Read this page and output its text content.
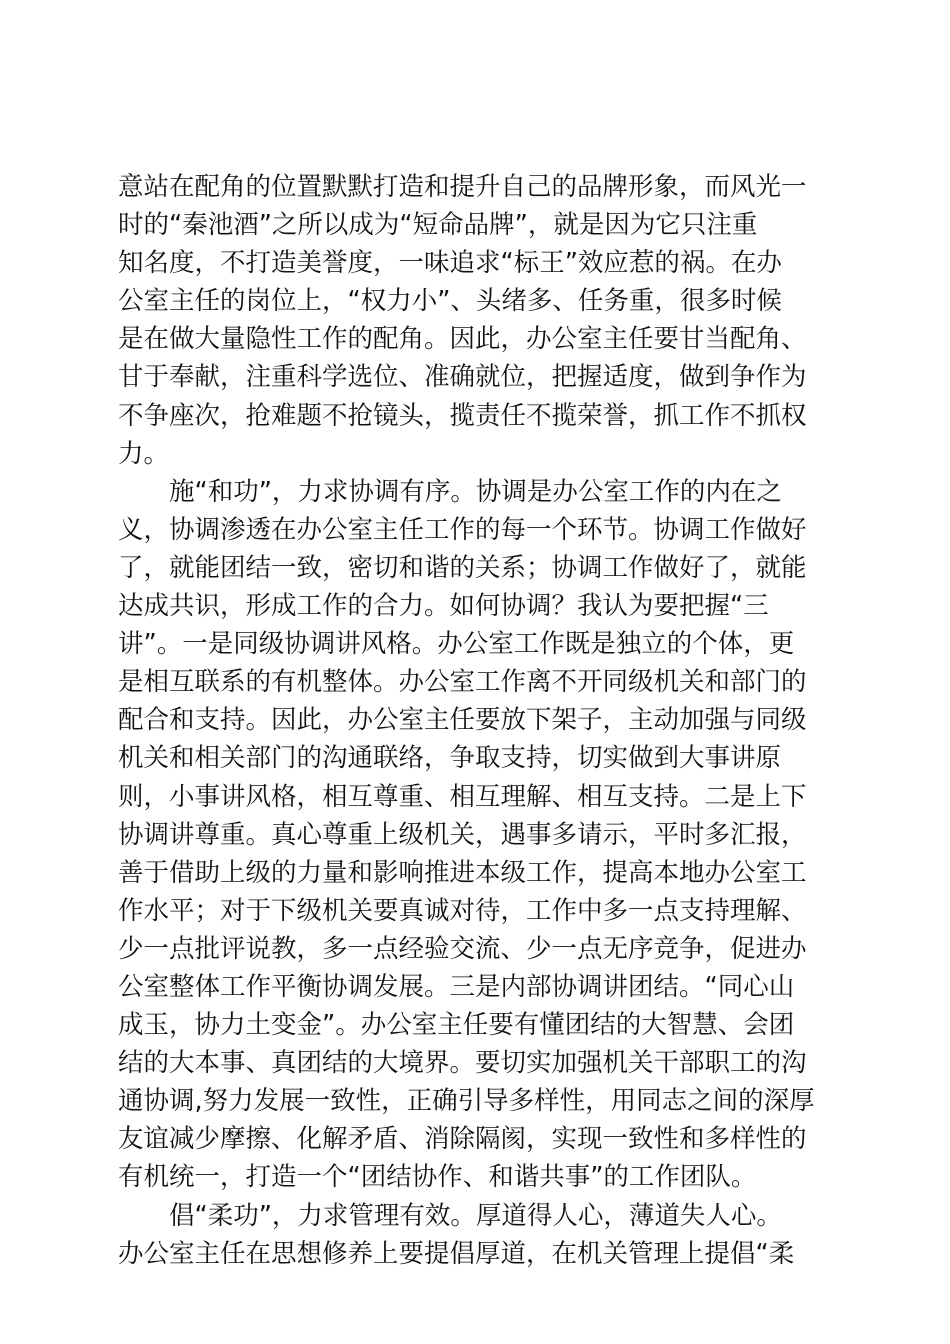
意站在配角的位置默默打造和提升自己的品牌形象，而风光一
时的“秦池酒”之所以成为“短命品牌”，就是因为它只注重
知名度，不打造美誉度，一味追求“标王”效应惹的祸。在办
公室主任的岗位上，“权力小”、头绪多、任务重，很多时候
是在做大量隐性工作的配角。因此，办公室主任要甘当配角、
甘于奉献，注重科学选位、准确就位，把握适度，做到争作为
不争座次，抢难题不抢镜头，揽责任不揽荣誉，抓工作不抓权
力。
　　施“和功”，力求协调有序。协调是办公室工作的内在之
义，协调渗透在办公室主任工作的每一个环节。协调工作做好
了，就能团结一致，密切和谐的关系；协调工作做好了，就能
达成共识，形成工作的合力。如何协调？我认为要把握“三
讲”。一是同级协调讲风格。办公室工作既是独立的个体，更
是相互联系的有机整体。办公室工作离不开同级机关和部门的
配合和支持。因此，办公室主任要放下架子，主动加强与同级
机关和相关部门的沟通联络，争取支持，切实做到大事讲原
则，小事讲风格，相互尊重、相互理解、相互支持。二是上下
协调讲尊重。真心尊重上级机关，遇事多请示，平时多汇报，
善于借助上级的力量和影响推进本级工作，提高本地办公室工
作水平；对于下级机关要真诚对待，工作中多一点支持理解、
少一点批评说教，多一点经验交流、少一点无序竞争，促进办
公室整体工作平衡协调发展。三是内部协调讲团结。“同心山
成玉，协力土变金”。办公室主任要有懂团结的大智慧、会团
结的大本事、真团结的大境界。要切实加强机关干部职工的沟
通协调,努力发展一致性，正确引导多样性，用同志之间的深厚
友谊减少摩擦、化解矛盾、消除隔阂，实现一致性和多样性的
有机统一，打造一个“团结协作、和谐共事”的工作团队。
　　倡“柔功”，力求管理有效。厚道得人心，薄道失人心。
办公室主任在思想修养上要提倡厚道，在机关管理上提倡“柔
